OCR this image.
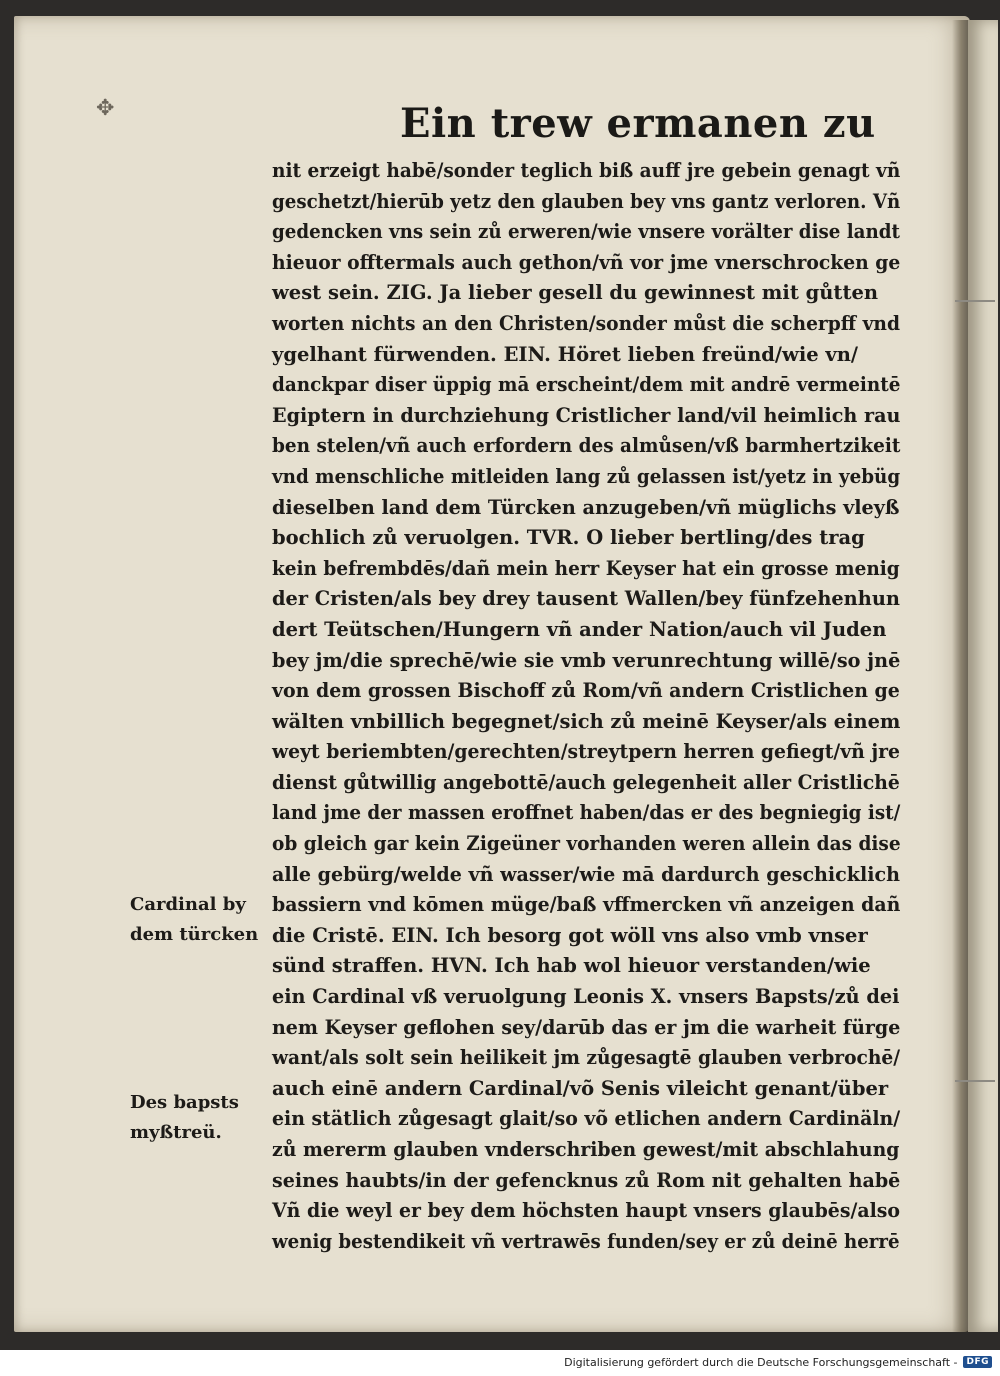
✥	Ein trew ermanen zu
nit erzeigt habē/sonder teglich biß auff jre gebein genagt vñ
geschetzt/hierūb yetz den glauben bey vns gantz verloren. Vñ
gedencken vns sein zů erweren/wie vnsere vorälter dise landt
hieuor offtermals auch gethon/vñ vor jme vnerschrocken ge
west sein. ZIG. Ja lieber gesell du gewinnest mit gůtten
worten nichts an den Christen/sonder můst die scherpff vnd
ygelhant fürwenden. EIN. Höret lieben freünd/wie vn/
danckpar diser üppig mā erscheint/dem mit andrē vermeintē
Egiptern in durchziehung Cristlicher land/vil heimlich rau
ben stelen/vñ auch erfordern des almůsen/vß barmhertzikeit
vnd menschliche mitleiden lang zů gelassen ist/yetz in yebüg
dieselben land dem Türcken anzugeben/vñ müglichs vleyß
bochlich zů veruolgen. TVR. O lieber bertling/des trag
kein befrembdēs/dañ mein herr Keyser hat ein grosse menig
der Cristen/als bey drey tausent Wallen/bey fünfzehenhun
dert Teütschen/Hungern vñ ander Nation/auch vil Juden
bey jm/die sprechē/wie sie vmb verunrechtung willē/so jnē
von dem grossen Bischoff zů Rom/vñ andern Cristlichen ge
wälten vnbillich begegnet/sich zů meinē Keyser/als einem
weyt beriembten/gerechten/streytpern herren gefiegt/vñ jre
dienst gůtwillig angebottē/auch gelegenheit aller Cristlichē
land jme der massen eroffnet haben/das er des begniegig ist/
ob gleich gar kein Zigeüner vorhanden weren allein das dise
alle gebürg/welde vñ wasser/wie mā dardurch geschicklich
bassiern vnd kōmen müge/baß vffmercken vñ anzeigen dañ
die Cristē. EIN. Ich besorg got wöll vns also vmb vnser
sünd straffen. HVN. Ich hab wol hieuor verstanden/wie
ein Cardinal vß veruolgung Leonis X. vnsers Bapsts/zů dei
nem Keyser geflohen sey/darūb das er jm die warheit fürge
want/als solt sein heilikeit jm zůgesagtē glauben verbrochē/
auch einē andern Cardinal/võ Senis vileicht genant/über
ein stätlich zůgesagt glait/so võ etlichen andern Cardinäln/
zů mererm glauben vnderschriben gewest/mit abschlahung
seines haubts/in der gefencknus zů Rom nit gehalten habē
Vñ die weyl er bey dem höchsten haupt vnsers glaubēs/also
wenig bestendikeit vñ vertrawēs funden/sey er zů deinē herrē
Cardinal by
dem türcken
Des bapsts
myßtreü.
Digitalisierung gefördert durch die Deutsche Forschungsgemeinschaft -	DFG
